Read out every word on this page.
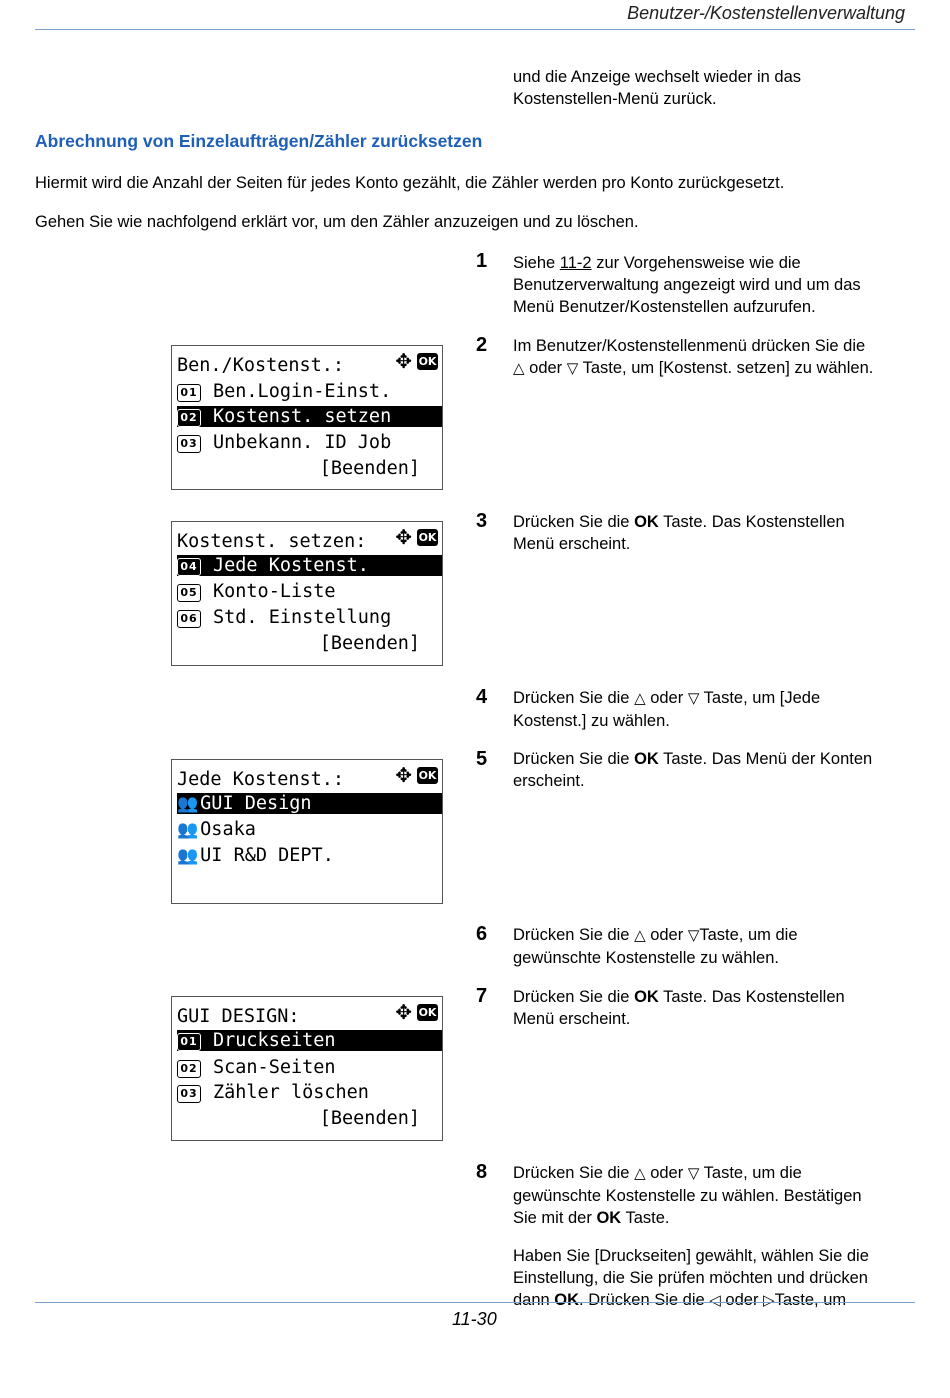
Benutzer-/Kostenstellenverwaltung
und die Anzeige wechselt wieder in das
Kostenstellen-Menü zurück.
Abrechnung von Einzelaufträgen/Zähler zurücksetzen
Hiermit wird die Anzahl der Seiten für jedes Konto gezählt, die Zähler werden pro Konto zurückgesetzt.
Gehen Sie wie nachfolgend erklärt vor, um den Zähler anzuzeigen und zu löschen.
1 Siehe 11-2 zur Vorgehensweise wie die
Benutzerverwaltung angezeigt wird und um das
Menü Benutzer/Kostenstellen aufzurufen.
2 Im Benutzer/Kostenstellenmenü drücken Sie die
△ oder ▽ Taste, um [Kostenst. setzen] zu wählen.
3 Drücken Sie die OK Taste. Das Kostenstellen
Menü erscheint.
4 Drücken Sie die △ oder ▽ Taste, um [Jede
Kostenst.] zu wählen.
5 Drücken Sie die OK Taste. Das Menü der Konten
erscheint.
6 Drücken Sie die △ oder ▽Taste, um die
gewünschte Kostenstelle zu wählen.
7 Drücken Sie die OK Taste. Das Kostenstellen
Menü erscheint.
8 Drücken Sie die △ oder ▽ Taste, um die
gewünschte Kostenstelle zu wählen. Bestätigen
Sie mit der OK Taste.
Haben Sie [Druckseiten] gewählt, wählen Sie die
Einstellung, die Sie prüfen möchten und drücken
dann OK. Drücken Sie die ◁ oder ▷Taste, um
Ben./Kostenst.:	✥ OK
01 Ben.Login-Einst.
02 Kostenst. setzen
03 Unbekann. ID Job
[Beenden]
Kostenst. setzen:	✥ OK
04 Jede Kostenst.
05 Konto-Liste
06 Std. Einstellung
[Beenden]
Jede Kostenst.:	✥ OK
👥 GUI Design
👥 Osaka
👥 UI R&D DEPT.
GUI DESIGN:	✥ OK
01 Druckseiten
02 Scan-Seiten
03 Zähler löschen
[Beenden]
11-30
